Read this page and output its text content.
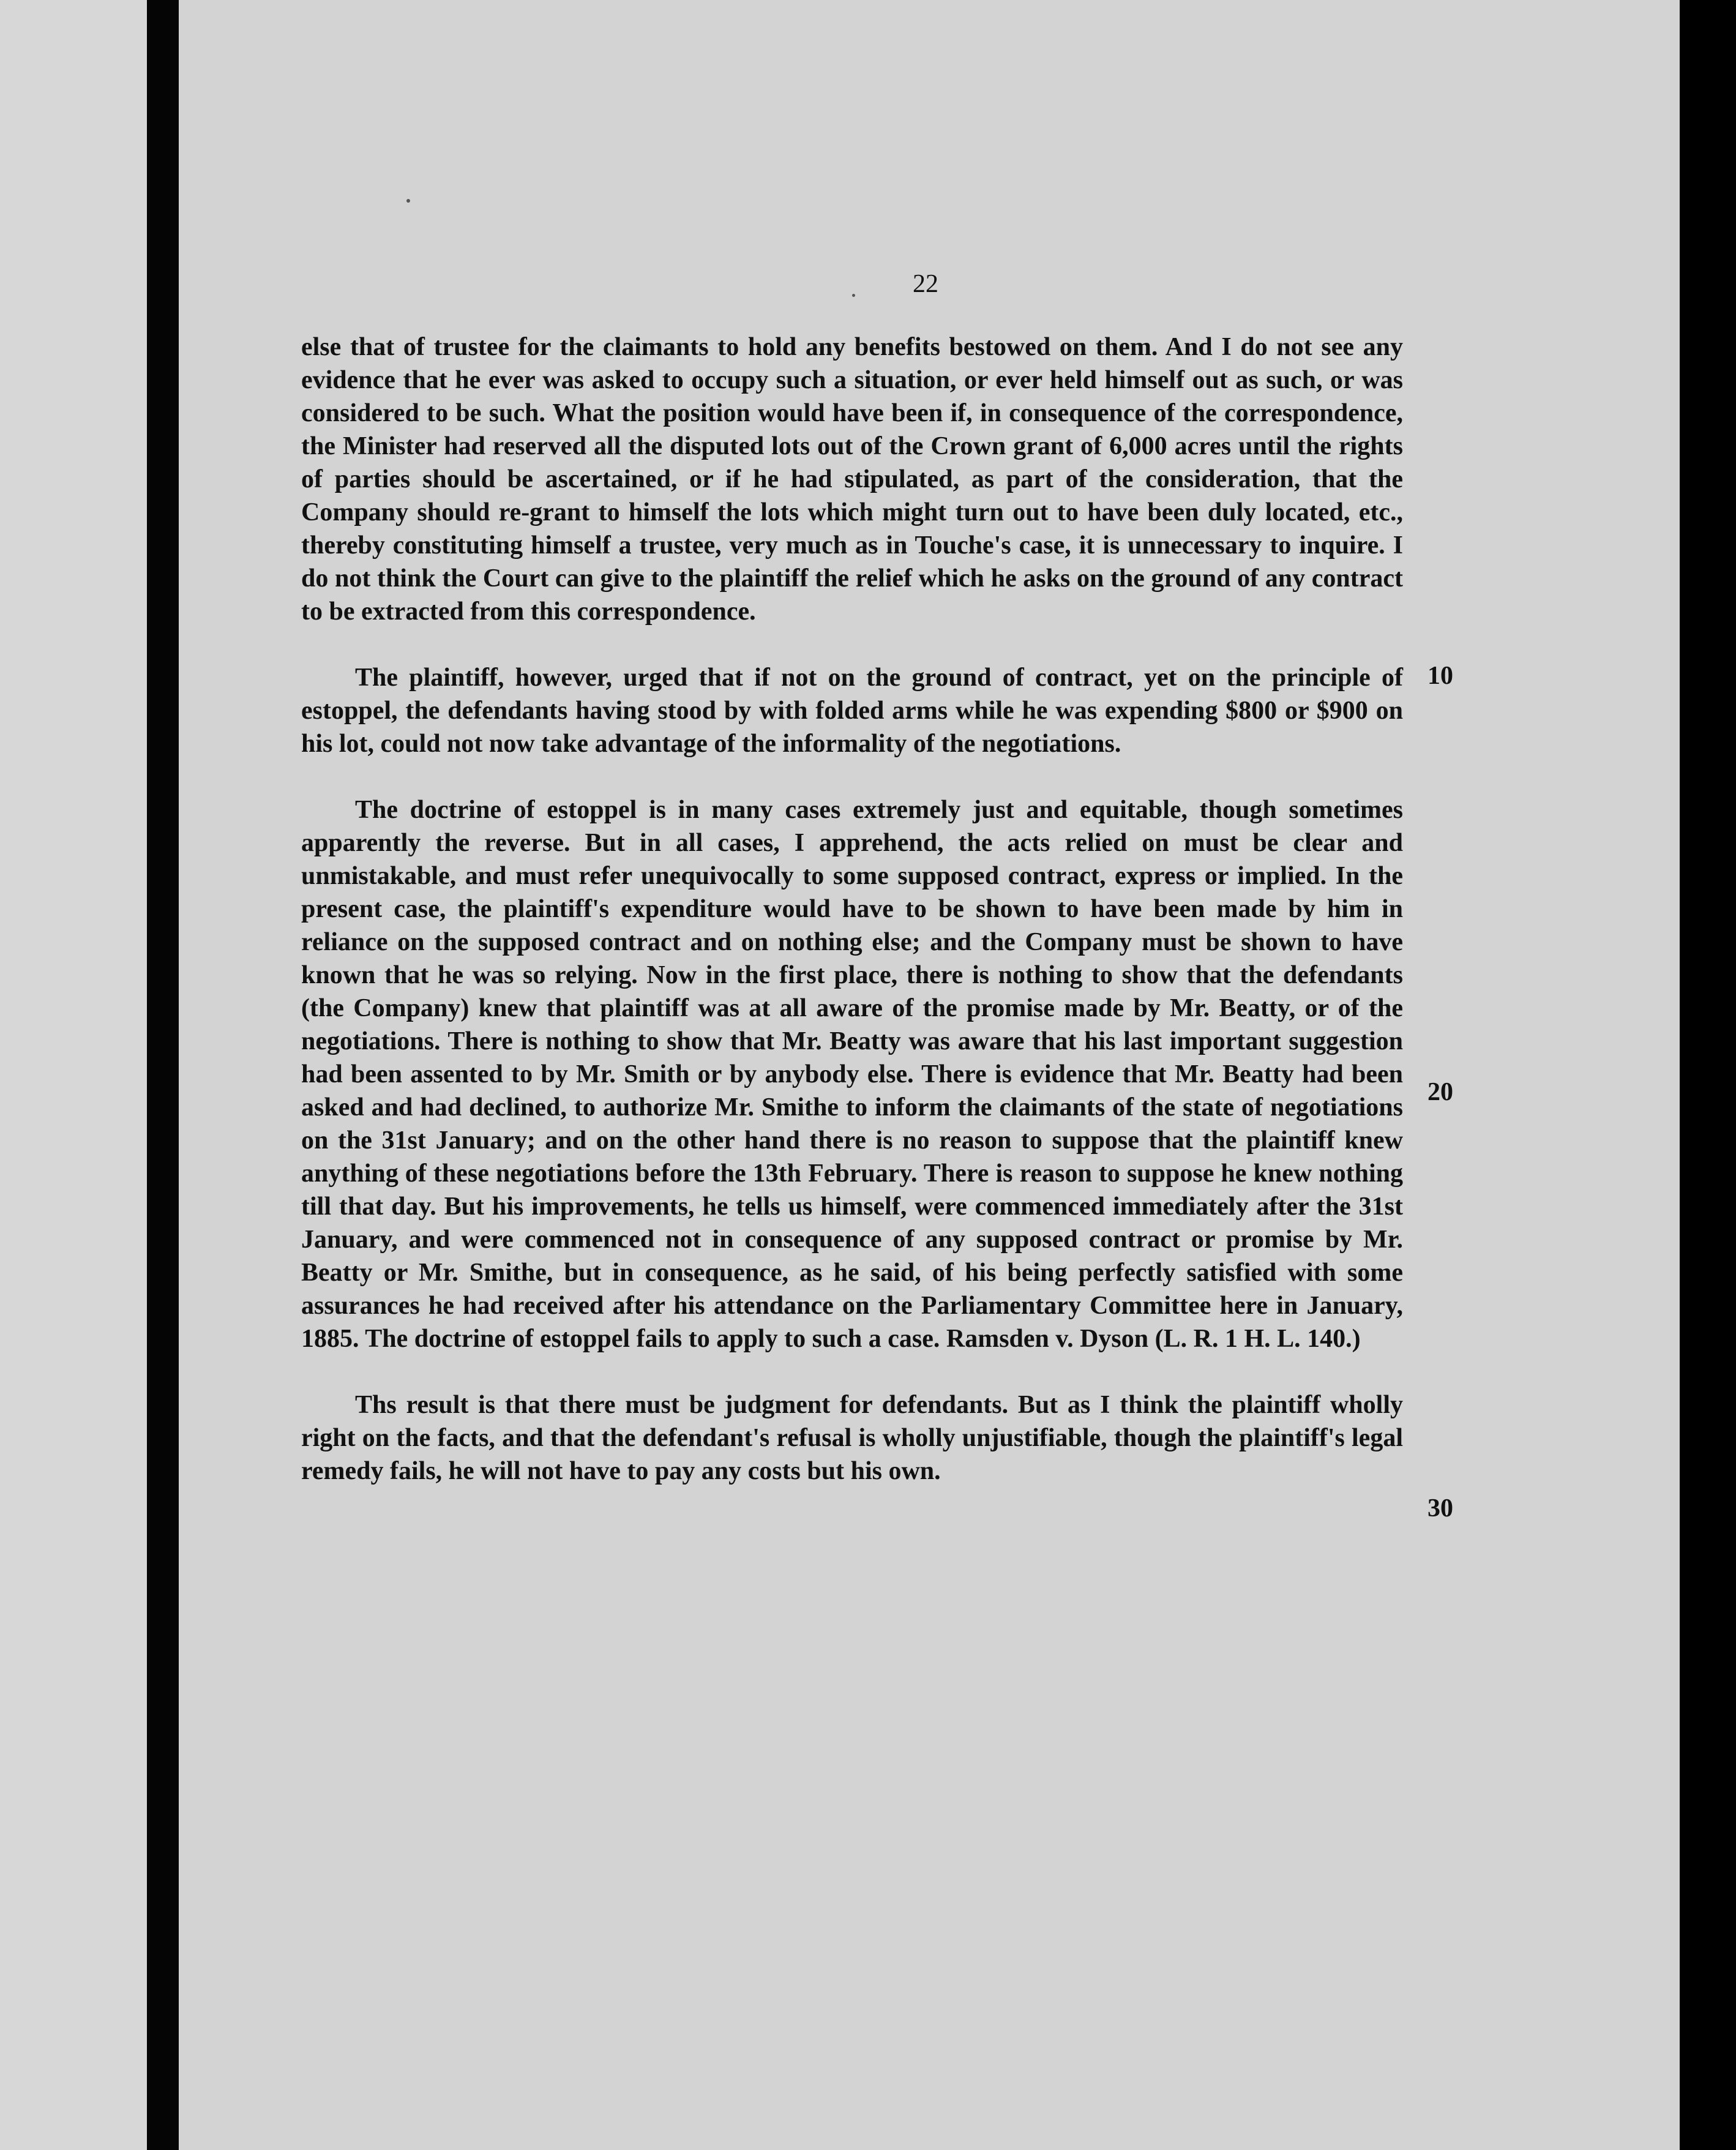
22

else that of trustee for the claimants to hold any benefits bestowed on them. And I do not see any evidence that he ever was asked to occupy such a situation, or ever held himself out as such, or was considered to be such. What the position would have been if, in consequence of the correspondence, the Minister had reserved all the disputed lots out of the Crown grant of 6,000 acres until the rights of parties should be ascertained, or if he had stipulated, as part of the consideration, that the Company should re-grant to himself the lots which might turn out to have been duly located, etc., thereby constituting himself a trustee, very much as in Touche's case, it is unnecessary to inquire. I do not think the Court can give to the plaintiff the relief which he asks on the ground of any contract to be extracted from this correspondence.

The plaintiff, however, urged that if not on the ground of contract, yet on the principle of estoppel, the defendants having stood by with folded arms while he was expending $800 or $900 on his lot, could not now take advantage of the informality of the negotiations.

The doctrine of estoppel is in many cases extremely just and equitable, though sometimes apparently the reverse. But in all cases, I apprehend, the acts relied on must be clear and unmistakable, and must refer unequivocally to some supposed contract, express or implied. In the present case, the plaintiff's expenditure would have to be shown to have been made by him in reliance on the supposed contract and on nothing else; and the Company must be shown to have known that he was so relying. Now in the first place, there is nothing to show that the defendants (the Company) knew that plaintiff was at all aware of the promise made by Mr. Beatty, or of the negotiations. There is nothing to show that Mr. Beatty was aware that his last important suggestion had been assented to by Mr. Smith or by anybody else. There is evidence that Mr. Beatty had been asked and had declined, to authorize Mr. Smithe to inform the claimants of the state of negotiations on the 31st January; and on the other hand there is no reason to suppose that the plaintiff knew anything of these negotiations before the 13th February. There is reason to suppose he knew nothing till that day. But his improvements, he tells us himself, were commenced immediately after the 31st January, and were commenced not in consequence of any supposed contract or promise by Mr. Beatty or Mr. Smithe, but in consequence, as he said, of his being perfectly satisfied with some assurances he had received after his attendance on the Parliamentary Committee here in January, 1885. The doctrine of estoppel fails to apply to such a case. Ramsden v. Dyson (L. R. 1 H. L. 140.)

Ths result is that there must be judgment for defendants. But as I think the plaintiff wholly right on the facts, and that the defendant's refusal is wholly unjustifiable, though the plaintiff's legal remedy fails, he will not have to pay any costs but his own.

10
20
30
